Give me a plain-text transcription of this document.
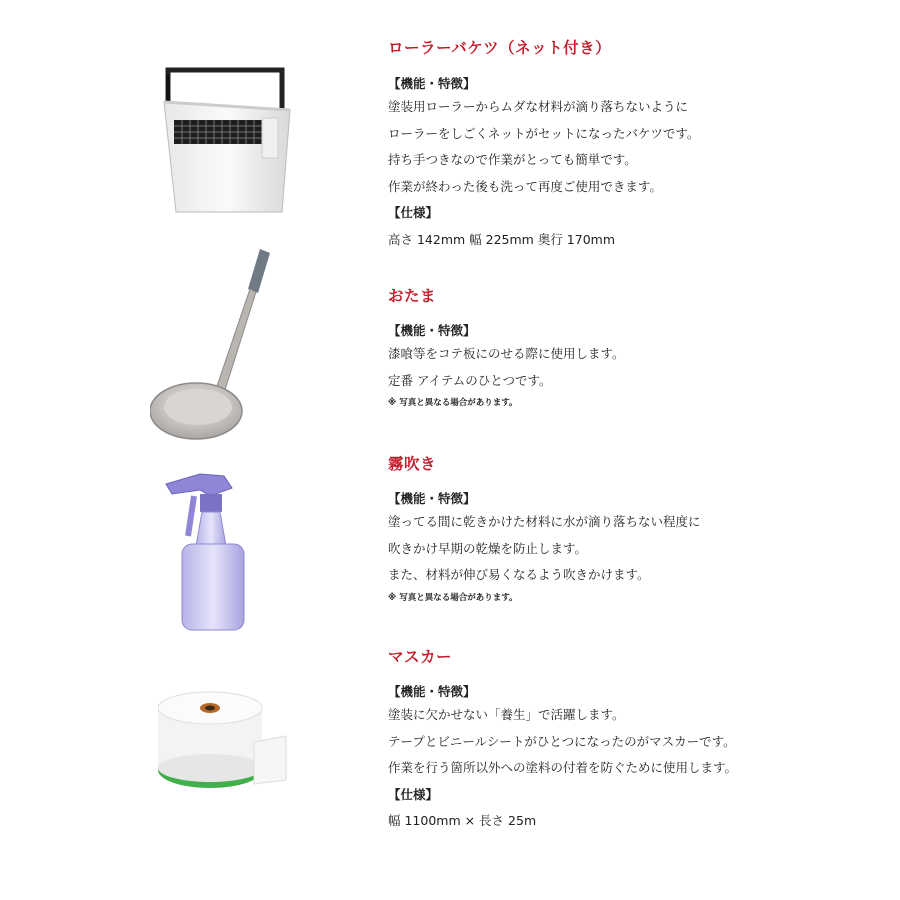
ローラーバケツ（ネット付き）
【機能・特徴】
塗装用ローラーからムダな材料が滴り落ちないように
ローラーをしごくネットがセットになったバケツです。
持ち手つきなので作業がとっても簡単です。
作業が終わった後も洗って再度ご使用できます。
【仕様】
高さ 142mm 幅 225mm 奥行 170mm
おたま
【機能・特徴】
漆喰等をコテ板にのせる際に使用します。
定番 アイテムのひとつです。
※ 写真と異なる場合があります。
霧吹き
【機能・特徴】
塗ってる間に乾きかけた材料に水が滴り落ちない程度に
吹きかけ早期の乾燥を防止します。
また、材料が伸び易くなるよう吹きかけます。
※ 写真と異なる場合があります。
マスカー
【機能・特徴】
塗装に欠かせない「養生」で活躍します。
テープとビニールシートがひとつになったのがマスカーです。
作業を行う箇所以外への塗料の付着を防ぐために使用します。
【仕様】
幅 1100mm × 長さ 25m
